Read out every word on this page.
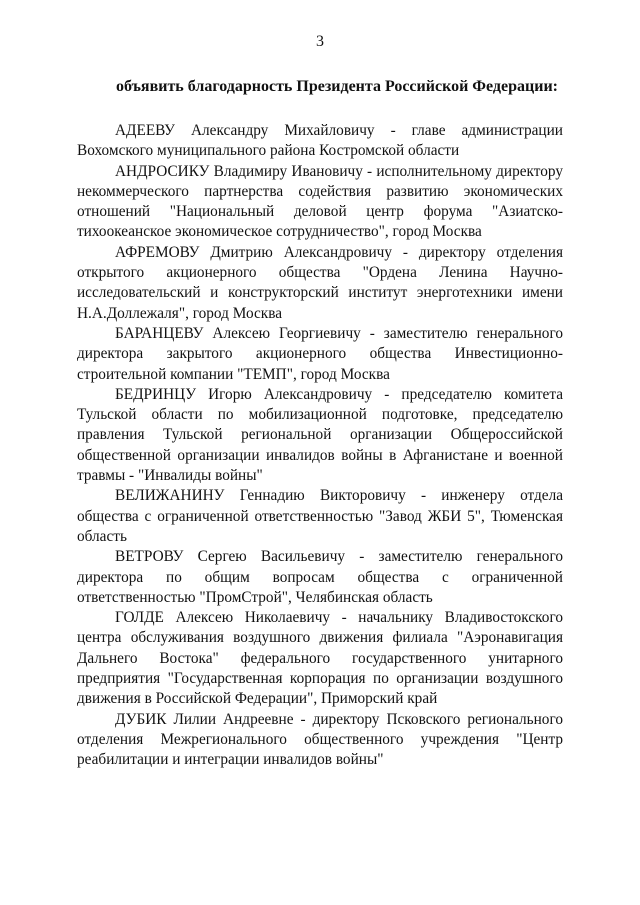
3
объявить благодарность Президента Российской Федерации:

АДЕЕВУ Александру Михайловичу - главе администрации Вохомского муниципального района Костромской области

АНДРОСИКУ Владимиру Ивановичу - исполнительному директору некоммерческого партнерства содействия развитию экономических отношений "Национальный деловой центр форума "Азиатско-тихоокеанское экономическое сотрудничество", город Москва

АФРЕМОВУ Дмитрию Александровичу - директору отделения открытого акционерного общества "Ордена Ленина Научно-исследовательский и конструкторский институт энерготехники имени Н.А.Доллежаля", город Москва

БАРАНЦЕВУ Алексею Георгиевичу - заместителю генерального директора закрытого акционерного общества Инвестиционно-строительной компании "ТЕМП", город Москва

БЕДРИНЦУ Игорю Александровичу - председателю комитета Тульской области по мобилизационной подготовке, председателю правления Тульской региональной организации Общероссийской общественной организации инвалидов войны в Афганистане и военной травмы - "Инвалиды войны"

ВЕЛИЖАНИНУ Геннадию Викторовичу - инженеру отдела общества с ограниченной ответственностью "Завод ЖБИ 5", Тюменская область

ВЕТРОВУ Сергею Васильевичу - заместителю генерального директора по общим вопросам общества с ограниченной ответственностью "ПромСтрой", Челябинская область

ГОЛДЕ Алексею Николаевичу - начальнику Владивостокского центра обслуживания воздушного движения филиала "Аэронавигация Дальнего Востока" федерального государственного унитарного предприятия "Государственная корпорация по организации воздушного движения в Российской Федерации", Приморский край

ДУБИК Лилии Андреевне - директору Псковского регионального отделения Межрегионального общественного учреждения "Центр реабилитации и интеграции инвалидов войны"
